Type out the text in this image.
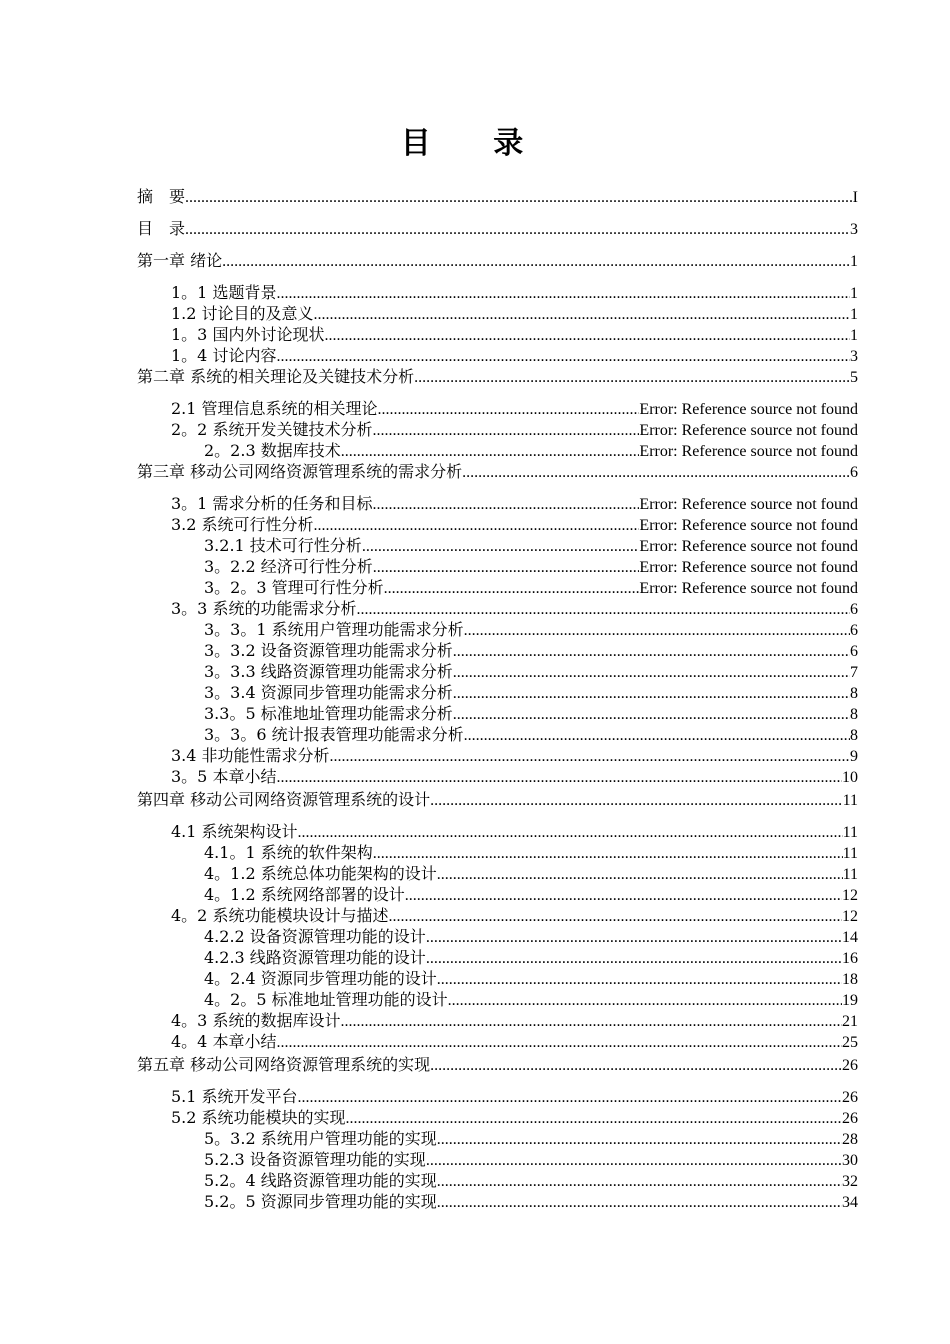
目 录
摘　要 .....	I
目　录 .....	3
第一章 绪论 .....	1
1。1 选题背景 .....	1
1.2 讨论目的及意义 .....	1
1。3 国内外讨论现状 .....	1
1。4 讨论内容 .....	3
第二章 系统的相关理论及关键技术分析 .....	5
2.1 管理信息系统的相关理论 .....	Error: Reference source not found
2。2 系统开发关键技术分析 .....	Error: Reference source not found
2。2.3 数据库技术 .....	Error: Reference source not found
第三章 移动公司网络资源管理系统的需求分析 .....	6
3。1 需求分析的任务和目标 .....	Error: Reference source not found
3.2 系统可行性分析 .....	Error: Reference source not found
3.2.1 技术可行性分析 .....	Error: Reference source not found
3。2.2 经济可行性分析 .....	Error: Reference source not found
3。2。3 管理可行性分析 .....	Error: Reference source not found
3。3 系统的功能需求分析 .....	6
3。3。1 系统用户管理功能需求分析 .....	6
3。3.2 设备资源管理功能需求分析 .....	6
3。3.3 线路资源管理功能需求分析 .....	7
3。3.4 资源同步管理功能需求分析 .....	8
3.3。5 标准地址管理功能需求分析 .....	8
3。3。6 统计报表管理功能需求分析 .....	8
3.4 非功能性需求分析 .....	9
3。5 本章小结 .....	10
第四章 移动公司网络资源管理系统的设计 .....	11
4.1 系统架构设计 .....	11
4.1。1 系统的软件架构 .....	11
4。1.2 系统总体功能架构的设计 .....	11
4。1.2 系统网络部署的设计 .....	12
4。2 系统功能模块设计与描述 .....	12
4.2.2 设备资源管理功能的设计 .....	14
4.2.3 线路资源管理功能的设计 .....	16
4。2.4 资源同步管理功能的设计 .....	18
4。2。5 标准地址管理功能的设计 .....	19
4。3 系统的数据库设计 .....	21
4。4 本章小结 .....	25
第五章 移动公司网络资源管理系统的实现 .....	26
5.1 系统开发平台 .....	26
5.2 系统功能模块的实现 .....	26
5。3.2 系统用户管理功能的实现 .....	28
5.2.3 设备资源管理功能的实现 .....	30
5.2。4 线路资源管理功能的实现 .....	32
5.2。5 资源同步管理功能的实现 .....	34
